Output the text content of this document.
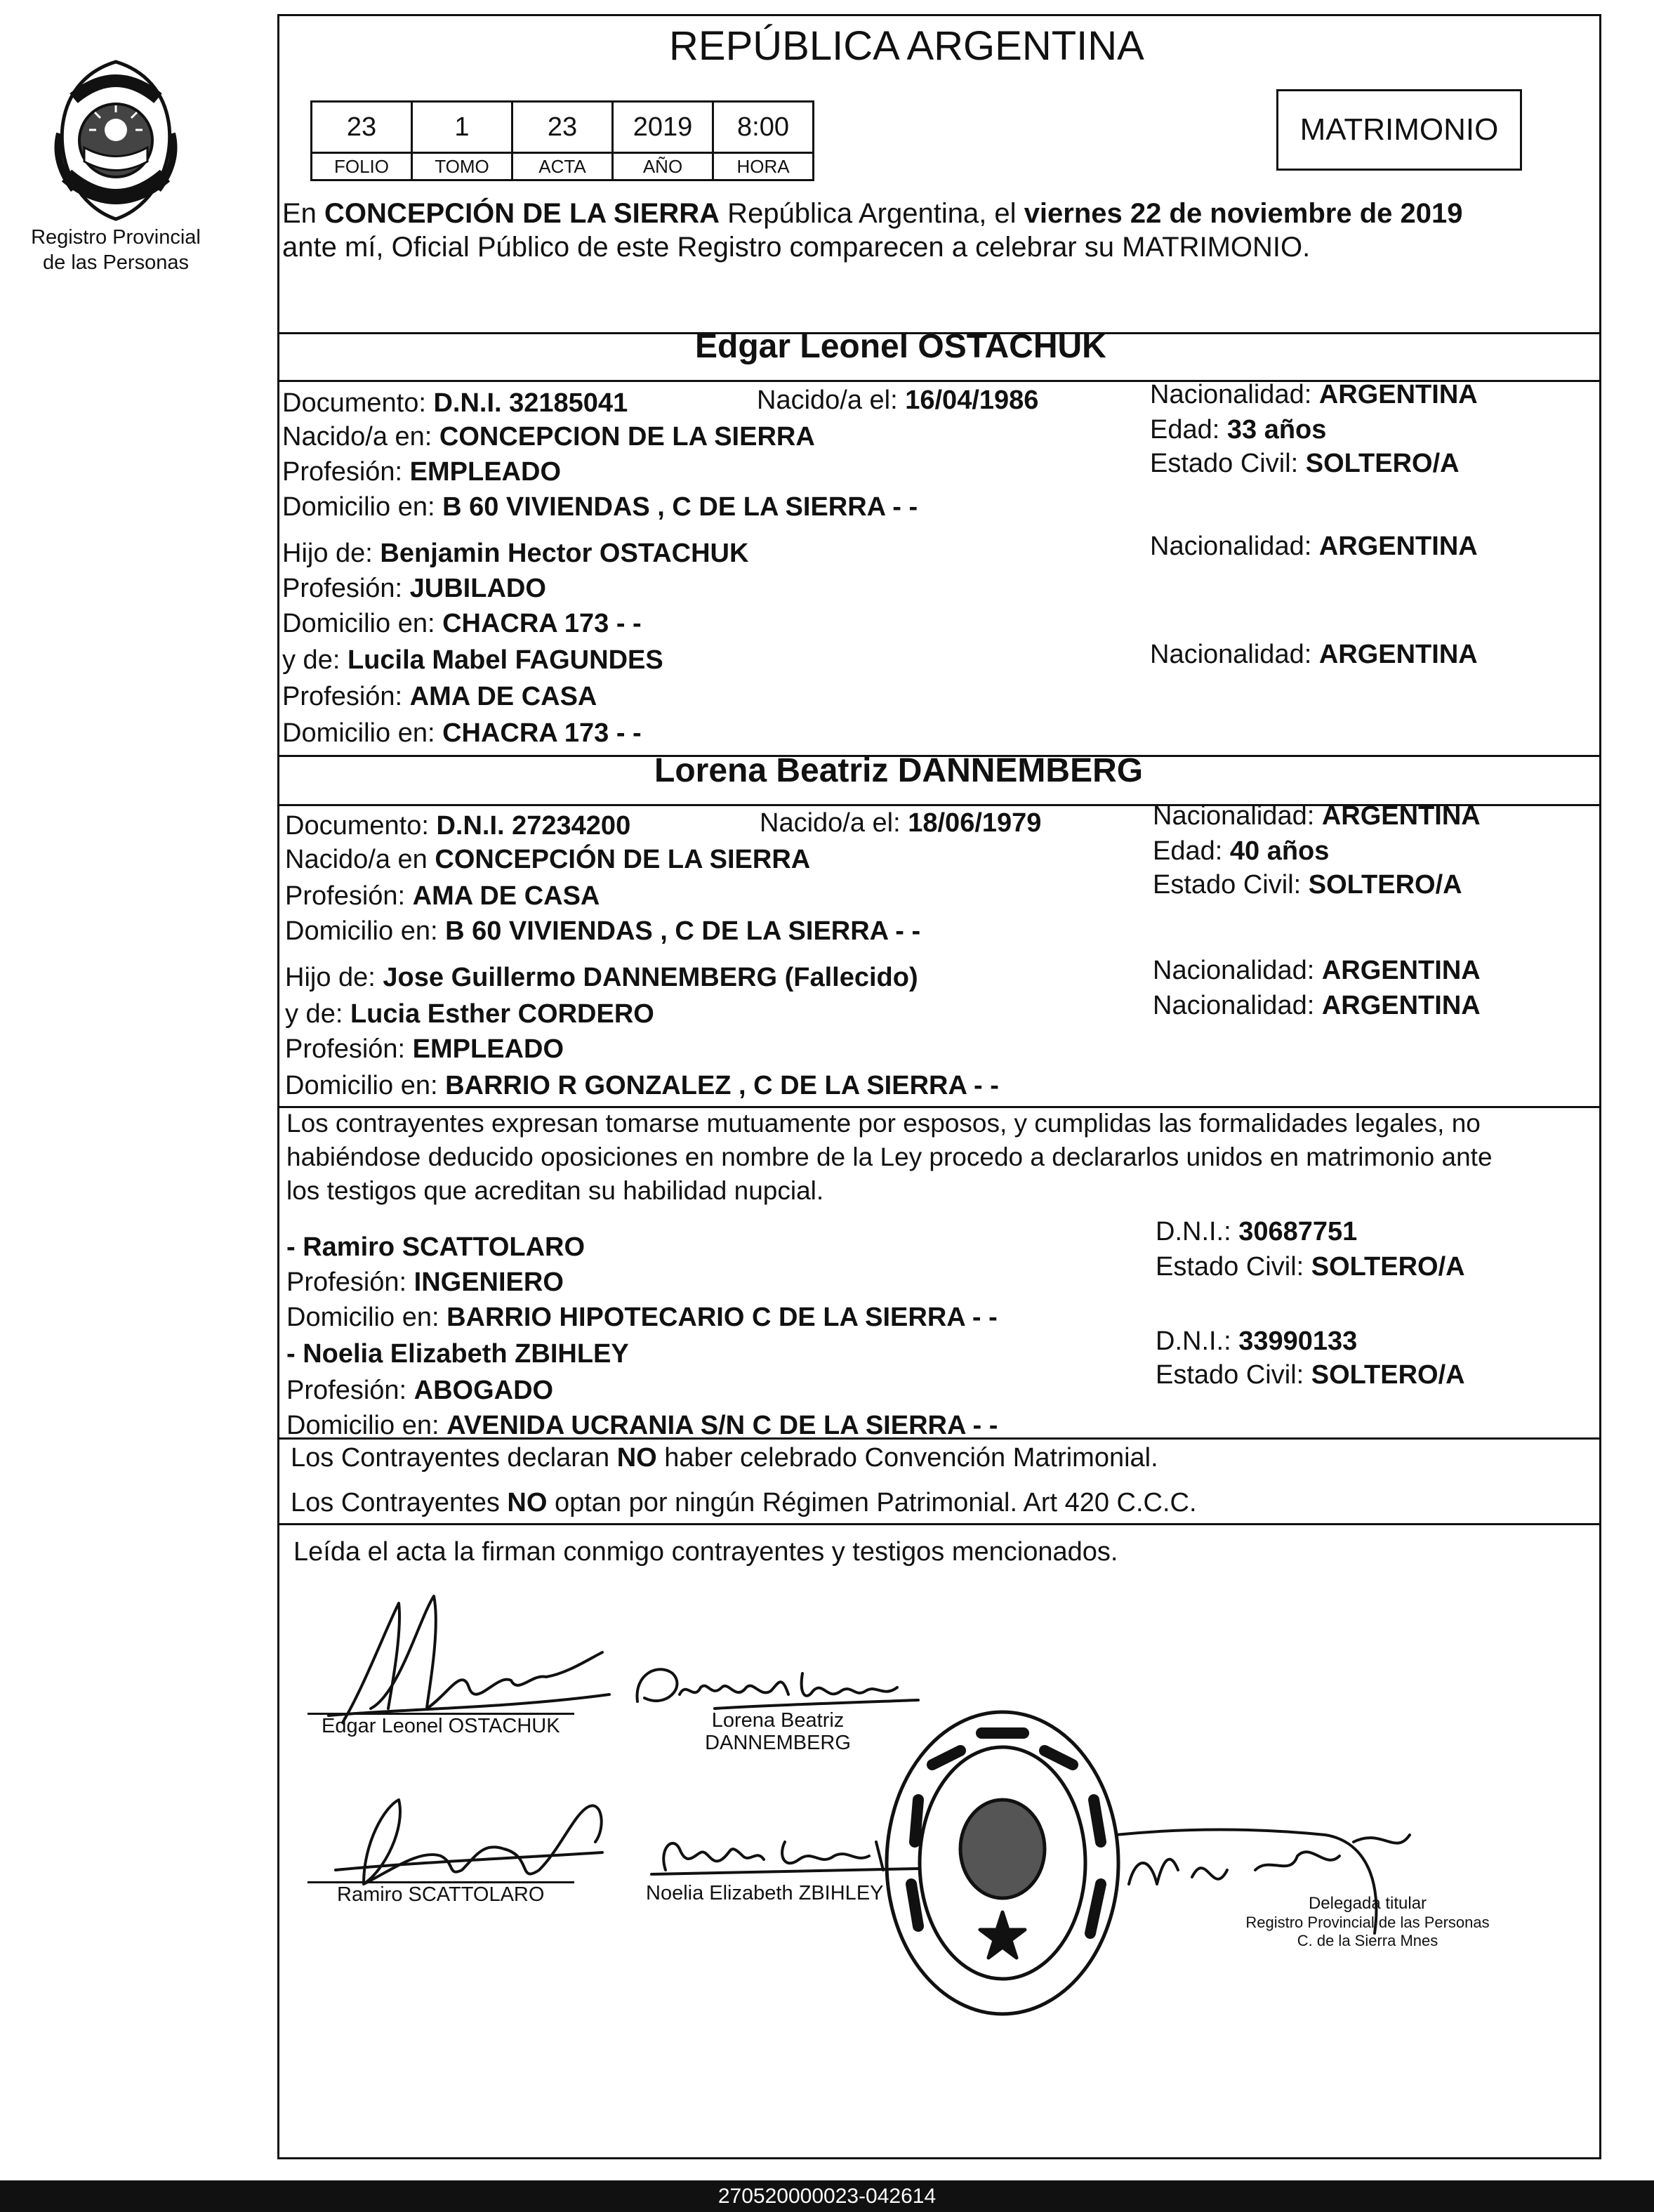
Registro Provincial
de las Personas
REPÚBLICA ARGENTINA
23	1	23	2019	8:00
FOLIO	TOMO	ACTA	AÑO	HORA
MATRIMONIO
En CONCEPCIÓN DE LA SIERRA República Argentina, el viernes 22 de noviembre de 2019
ante mí, Oficial Público de este Registro comparecen a celebrar su MATRIMONIO.
Edgar Leonel OSTACHUK
Documento: D.N.I. 32185041	Nacido/a el: 16/04/1986	Nacionalidad: ARGENTINA
Nacido/a en: CONCEPCION DE LA SIERRA	Edad: 33 años
Profesión: EMPLEADO	Estado Civil: SOLTERO/A
Domicilio en: B 60 VIVIENDAS , C DE LA SIERRA - -
Hijo de: Benjamin Hector OSTACHUK	Nacionalidad: ARGENTINA
Profesión: JUBILADO
Domicilio en: CHACRA 173 - -
y de: Lucila Mabel FAGUNDES	Nacionalidad: ARGENTINA
Profesión: AMA DE CASA
Domicilio en: CHACRA 173 - -
Lorena Beatriz DANNEMBERG
Documento: D.N.I. 27234200	Nacido/a el: 18/06/1979	Nacionalidad: ARGENTINA
Nacido/a en CONCEPCIÓN DE LA SIERRA	Edad: 40 años
Profesión: AMA DE CASA	Estado Civil: SOLTERO/A
Domicilio en: B 60 VIVIENDAS , C DE LA SIERRA - -
Hijo de: Jose Guillermo DANNEMBERG (Fallecido)	Nacionalidad: ARGENTINA
y de: Lucia Esther CORDERO	Nacionalidad: ARGENTINA
Profesión: EMPLEADO
Domicilio en: BARRIO R GONZALEZ , C DE LA SIERRA - -
Los contrayentes expresan tomarse mutuamente por esposos, y cumplidas las formalidades legales, no
habiéndose deducido oposiciones en nombre de la Ley procedo a declararlos unidos en matrimonio ante
los testigos que acreditan su habilidad nupcial.
- Ramiro SCATTOLARO
D.N.I.: 30687751
Profesión: INGENIERO
Estado Civil: SOLTERO/A
Domicilio en: BARRIO HIPOTECARIO C DE LA SIERRA - -
- Noelia Elizabeth ZBIHLEY	D.N.I.: 33990133
Profesión: ABOGADO
Estado Civil: SOLTERO/A
Domicilio en: AVENIDA UCRANIA S/N C DE LA SIERRA - -
Los Contrayentes declaran NO haber celebrado Convención Matrimonial.
Los Contrayentes NO optan por ningún Régimen Patrimonial. Art 420 C.C.C.
Leída el acta la firman conmigo contrayentes y testigos mencionados.
Edgar Leonel OSTACHUK	Lorena Beatriz
DANNEMBERG
Ramiro SCATTOLARO	Noelia Elizabeth ZBIHLEY	Delegada titular
Registro Provincial de las Personas
C. de la Sierra Mnes
270520000023-042614
